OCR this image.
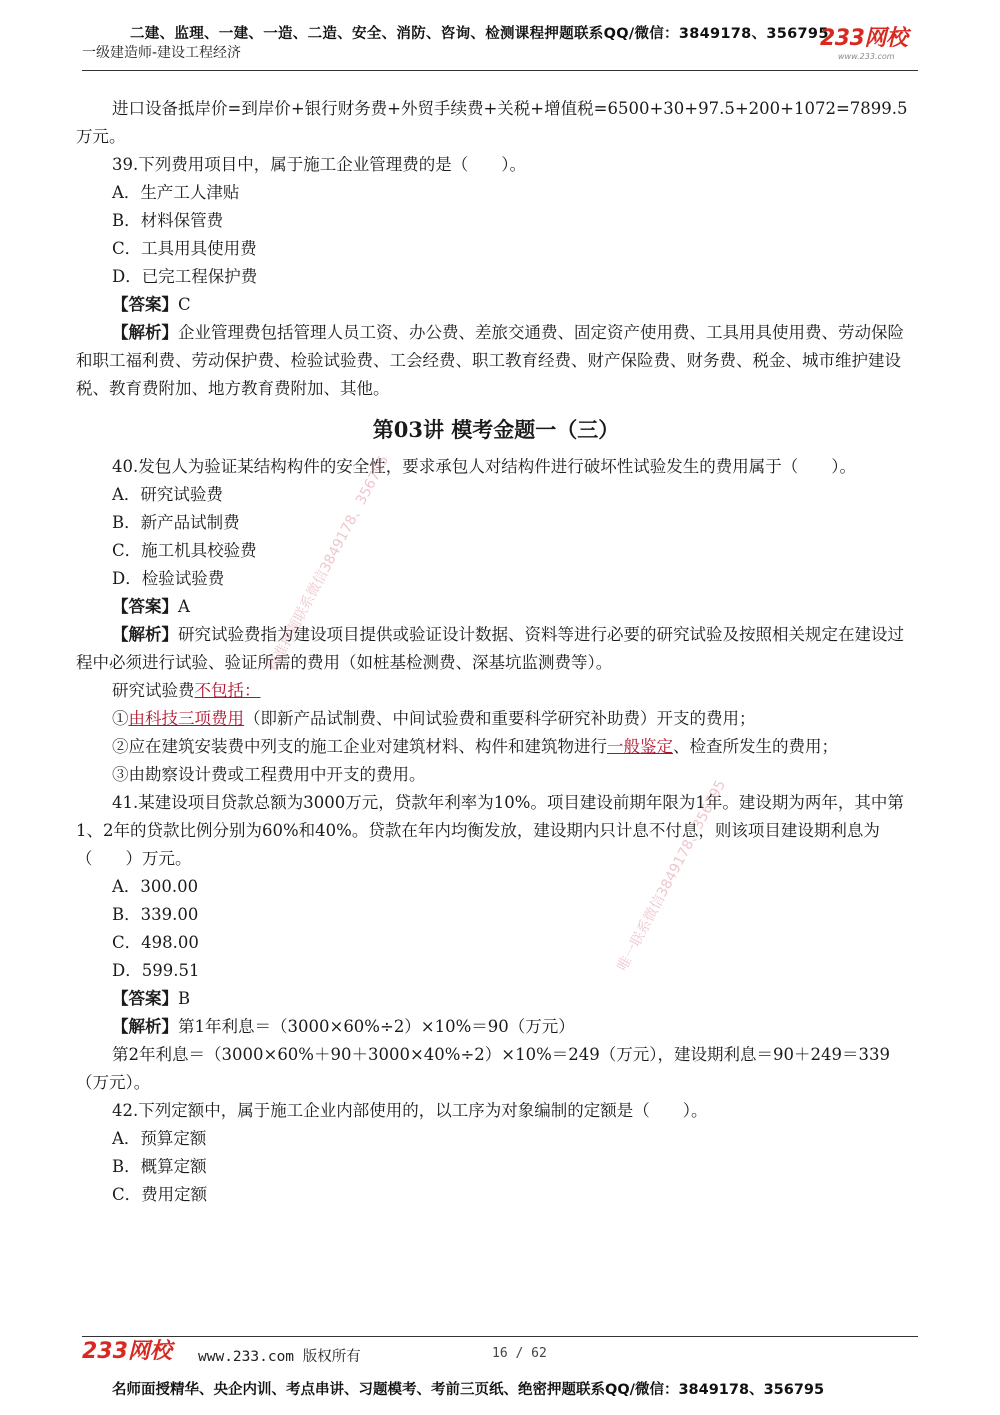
二建、监理、一建、一造、二造、安全、消防、咨询、检测课程押题联系QQ/微信：3849178、356795
一级建造师-建设工程经济
233网校
www.233.com

进口设备抵岸价=到岸价+银行财务费+外贸手续费+关税+增值税=6500+30+97.5+200+1072=7899.5万元。

39.下列费用项目中，属于施工企业管理费的是（　　）。

A．生产工人津贴

B．材料保管费

C．工具用具使用费

D．已完工程保护费

【答案】C

【解析】企业管理费包括管理人员工资、办公费、差旅交通费、固定资产使用费、工具用具使用费、劳动保险和职工福利费、劳动保护费、检验试验费、工会经费、职工教育经费、财产保险费、财务费、税金、城市维护建设税、教育费附加、地方教育费附加、其他。

第03讲 模考金题一（三）

40.发包人为验证某结构构件的安全性，要求承包人对结构件进行破坏性试验发生的费用属于（　　）。

A．研究试验费

B．新产品试制费

C．施工机具校验费

D．检验试验费

【答案】A

【解析】研究试验费指为建设项目提供或验证设计数据、资料等进行必要的研究试验及按照相关规定在建设过程中必须进行试验、验证所需的费用（如桩基检测费、深基坑监测费等）。

研究试验费不包括：

①由科技三项费用（即新产品试制费、中间试验费和重要科学研究补助费）开支的费用；

②应在建筑安装费中列支的施工企业对建筑材料、构件和建筑物进行一般鉴定、检查所发生的费用；

③由勘察设计费或工程费用中开支的费用。

41.某建设项目贷款总额为3000万元，贷款年利率为10%。项目建设前期年限为1年。建设期为两年，其中第1、2年的贷款比例分别为60%和40%。贷款在年内均衡发放，建设期内只计息不付息，则该项目建设期利息为（　　）万元。

A．300.00

B．339.00

C．498.00

D．599.51

【答案】B

【解析】第1年利息＝（3000×60%÷2）×10%＝90（万元）

第2年利息＝（3000×60%＋90＋3000×40%÷2）×10%＝249（万元），建设期利息＝90＋249＝339（万元）。

42.下列定额中，属于施工企业内部使用的，以工序为对象编制的定额是（　　）。

A．预算定额

B．概算定额

C．费用定额

精准押题联系微信3849178、356795
唯一联系微信3849178、356795
233网校 www.233.com 版权所有	16 / 62
名师面授精华、央企内训、考点串讲、习题模考、考前三页纸、绝密押题联系QQ/微信：3849178、356795
